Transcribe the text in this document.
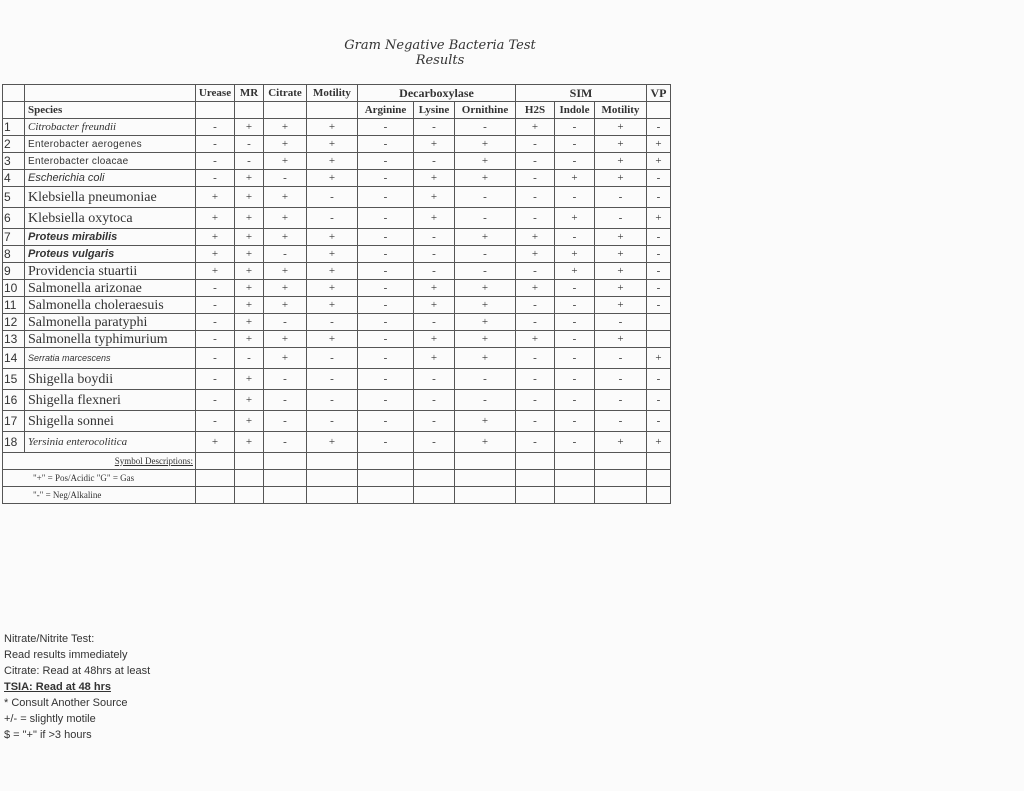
Gram Negative Bacteria Test Results
		Urease	MR	Citrate	Motility	Decarboxylase			SIM			VP
	Species					Arginine	Lysine	Ornithine	H2S	Indole	Motility	
1	Citrobacter freundii	-	+	+	+	-	-	-	+	-	+	-
2	Enterobacter aerogenes	-	-	+	+	-	+	+	-	-	+	+
3	Enterobacter cloacae	-	-	+	+	-	-	+	-	-	+	+
4	Escherichia coli	-	+	-	+	-	+	+	-	+	+	-
5	Klebsiella pneumoniae	+	+	+	-	-	+	-	-	-	-	-
6	Klebsiella oxytoca	+	+	+	-	-	+	-	-	+	-	+
7	Proteus mirabilis	+	+	+	+	-	-	+	+	-	+	-
8	Proteus vulgaris	+	+	-	+	-	-	-	+	+	+	-
9	Providencia stuartii	+	+	+	+	-	-	-	-	+	+	-
10	Salmonella arizonae	-	+	+	+	-	+	+	+	-	+	-
11	Salmonella choleraesuis	-	+	+	+	-	+	+	-	-	+	-
12	Salmonella paratyphi	-	+	-	-	-	-	+	-	-	-	
13	Salmonella typhimurium	-	+	+	+	-	+	+	+	-	+	
14	Serratia marcescens	-	-	+	-	-	+	+	-	-	-	+
15	Shigella boydii	-	+	-	-	-	-	-	-	-	-	-
16	Shigella flexneri	-	+	-	-	-	-	-	-	-	-	-
17	Shigella sonnei	-	+	-	-	-	-	+	-	-	-	-
18	Yersinia enterocolitica	+	+	-	+	-	-	+	-	-	+	+
Symbol Descriptions:												
"+" = Pos/Acidic "G" = Gas												
"-" = Neg/Alkaline												
Nitrate/Nitrite Test:
Read results immediately
Citrate: Read at 48hrs at least
TSIA: Read at 48 hrs
* Consult Another Source
+/- = slightly motile
$ = "+" if >3 hours
